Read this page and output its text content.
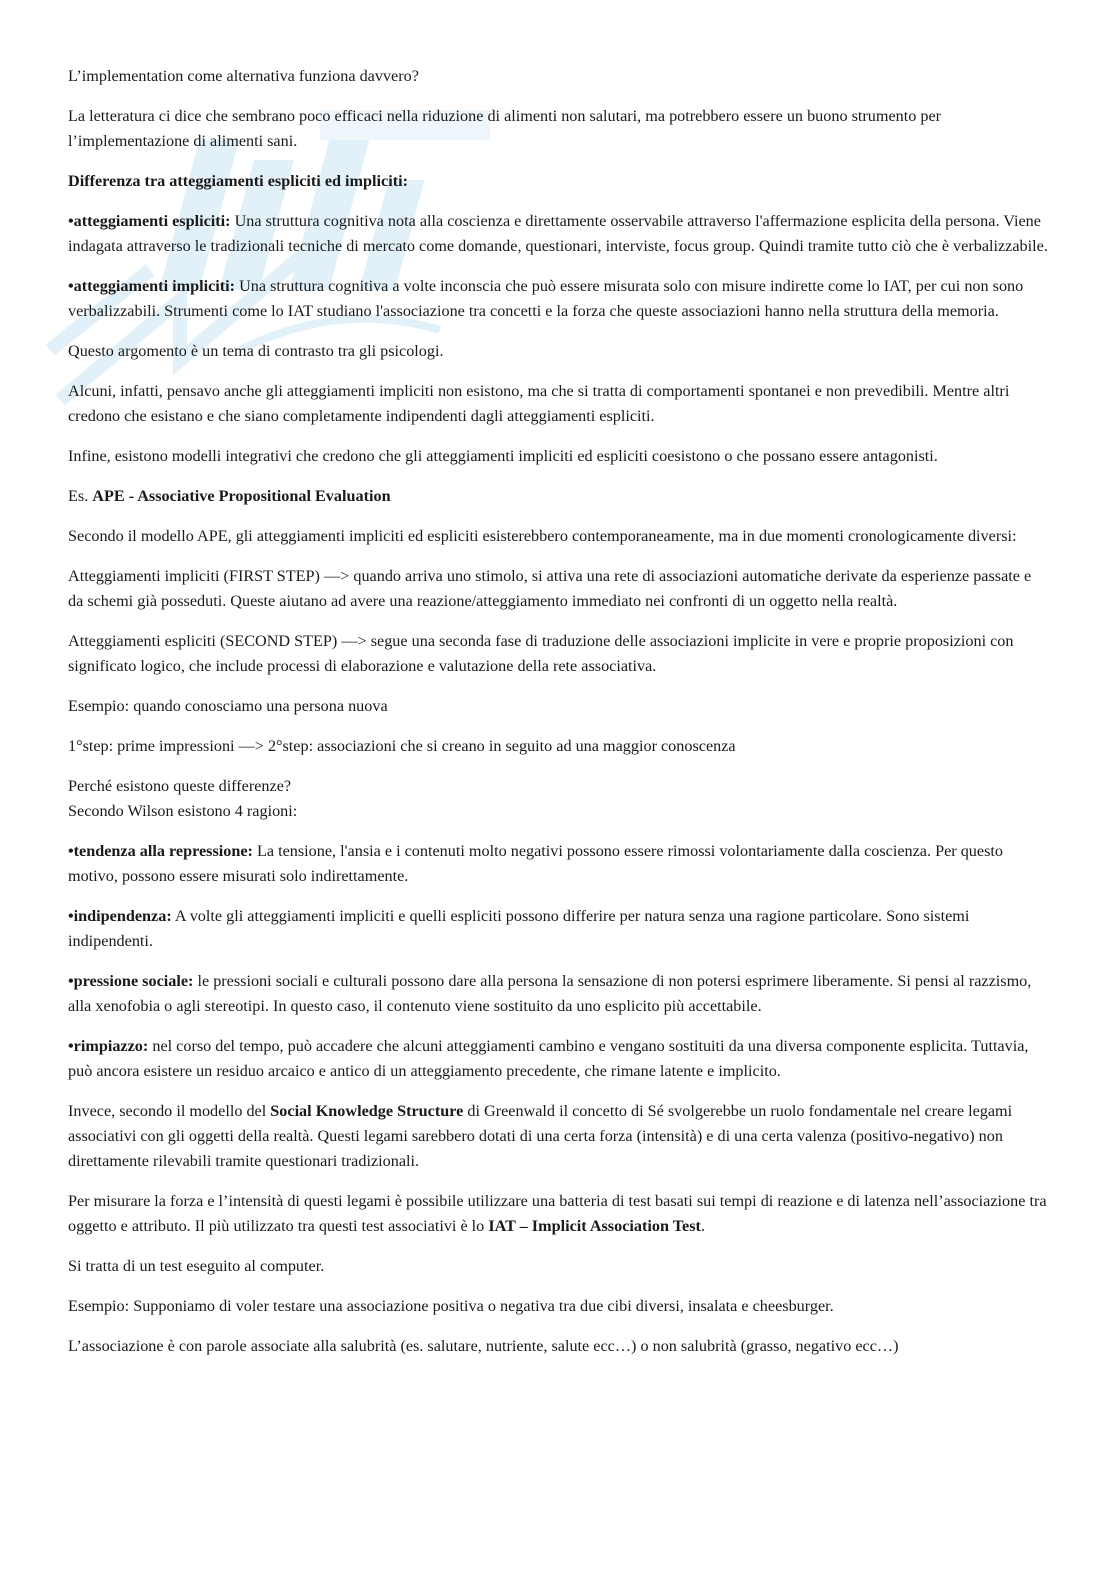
L’implementation come alternativa funziona davvero?

La letteratura ci dice che sembrano poco efficaci nella riduzione di alimenti non salutari, ma potrebbero essere un buono strumento per l’implementazione di alimenti sani.

Differenza tra atteggiamenti espliciti ed impliciti:

•atteggiamenti espliciti: Una struttura cognitiva nota alla coscienza e direttamente osservabile attraverso l'affermazione esplicita della persona. Viene indagata attraverso le tradizionali tecniche di mercato come domande, questionari, interviste, focus group. Quindi tramite tutto ciò che è verbalizzabile.

•atteggiamenti impliciti: Una struttura cognitiva a volte inconscia che può essere misurata solo con misure indirette come lo IAT, per cui non sono verbalizzabili. Strumenti come lo IAT studiano l'associazione tra concetti e la forza che queste associazioni hanno nella struttura della memoria.

Questo argomento è un tema di contrasto tra gli psicologi.

Alcuni, infatti, pensavo anche gli atteggiamenti impliciti non esistono, ma che si tratta di comportamenti spontanei e non prevedibili. Mentre altri credono che esistano e che siano completamente indipendenti dagli atteggiamenti espliciti.

Infine, esistono modelli integrativi che credono che gli atteggiamenti impliciti ed espliciti coesistono o che possano essere antagonisti.

Es. APE - Associative Propositional Evaluation

Secondo il modello APE, gli atteggiamenti impliciti ed espliciti esisterebbero contemporaneamente, ma in due momenti cronologicamente diversi:

Atteggiamenti impliciti (FIRST STEP) —> quando arriva uno stimolo, si attiva una rete di associazioni automatiche derivate da esperienze passate e da schemi già posseduti. Queste aiutano ad avere una reazione/atteggiamento immediato nei confronti di un oggetto nella realtà.

Atteggiamenti espliciti (SECOND STEP) —> segue una seconda fase di traduzione delle associazioni implicite in vere e proprie proposizioni con significato logico, che include processi di elaborazione e valutazione della rete associativa.

Esempio: quando conosciamo una persona nuova

1°step: prime impressioni —> 2°step: associazioni che si creano in seguito ad una maggior conoscenza

Perché esistono queste differenze?
Secondo Wilson esistono 4 ragioni:

•tendenza alla repressione: La tensione, l'ansia e i contenuti molto negativi possono essere rimossi volontariamente dalla coscienza. Per questo motivo, possono essere misurati solo indirettamente.

•indipendenza: A volte gli atteggiamenti impliciti e quelli espliciti possono differire per natura senza una ragione particolare. Sono sistemi indipendenti.

•pressione sociale: le pressioni sociali e culturali possono dare alla persona la sensazione di non potersi esprimere liberamente. Si pensi al razzismo, alla xenofobia o agli stereotipi. In questo caso, il contenuto viene sostituito da uno esplicito più accettabile.

•rimpiazzo: nel corso del tempo, può accadere che alcuni atteggiamenti cambino e vengano sostituiti da una diversa componente esplicita. Tuttavia, può ancora esistere un residuo arcaico e antico di un atteggiamento precedente, che rimane latente e implicito.

Invece, secondo il modello del Social Knowledge Structure di Greenwald il concetto di Sé svolgerebbe un ruolo fondamentale nel creare legami associativi con gli oggetti della realtà. Questi legami sarebbero dotati di una certa forza (intensità) e di una certa valenza (positivo-negativo) non direttamente rilevabili tramite questionari tradizionali.

Per misurare la forza e l’intensità di questi legami è possibile utilizzare una batteria di test basati sui tempi di reazione e di latenza nell’associazione tra oggetto e attributo. Il più utilizzato tra questi test associativi è lo IAT – Implicit Association Test.

Si tratta di un test eseguito al computer.

Esempio: Supponiamo di voler testare una associazione positiva o negativa tra due cibi diversi, insalata e cheesburger.

L’associazione è con parole associate alla salubrità (es. salutare, nutriente, salute ecc…) o non salubrità (grasso, negativo ecc…)
